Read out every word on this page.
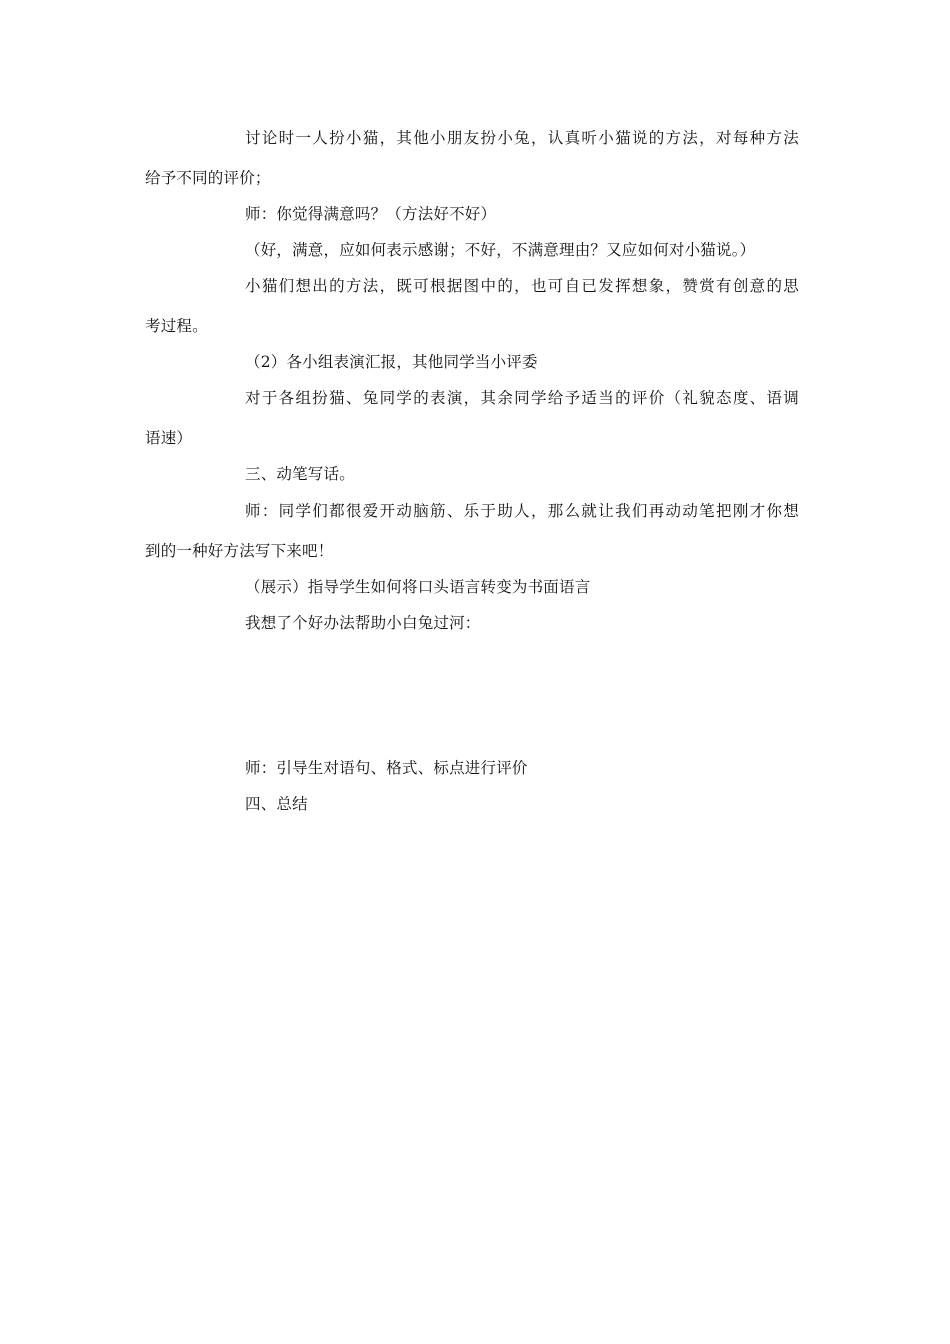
讨论时一人扮小猫，其他小朋友扮小兔，认真听小猫说的方法，对每种方法
给予不同的评价；
师：你觉得满意吗？（方法好不好）
（好，满意，应如何表示感谢；不好，不满意理由？又应如何对小猫说。）
小猫们想出的方法，既可根据图中的，也可自已发挥想象，赞赏有创意的思
考过程。
（2）各小组表演汇报，其他同学当小评委
对于各组扮猫、兔同学的表演，其余同学给予适当的评价（礼貌态度、语调
语速）
三、动笔写话。
师：同学们都很爱开动脑筋、乐于助人，那么就让我们再动动笔把刚才你想
到的一种好方法写下来吧！
（展示）指导学生如何将口头语言转变为书面语言
我想了个好办法帮助小白兔过河：
师：引导生对语句、格式、标点进行评价
四、总结
